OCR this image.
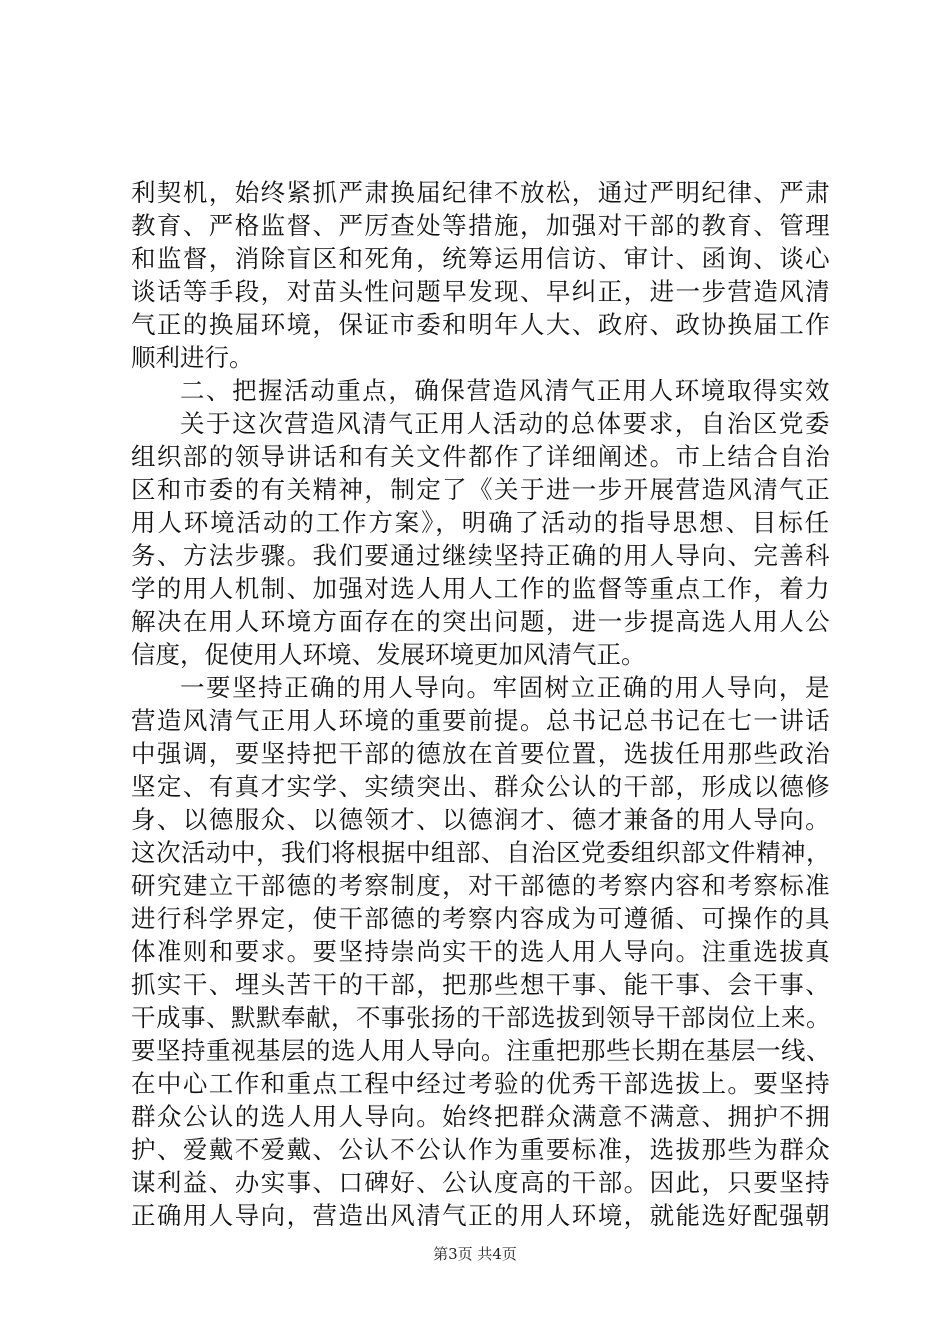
利契机，始终紧抓严肃换届纪律不放松，通过严明纪律、严肃
教育、严格监督、严厉查处等措施，加强对干部的教育、管理
和监督，消除盲区和死角，统筹运用信访、审计、函询、谈心
谈话等手段，对苗头性问题早发现、早纠正，进一步营造风清
气正的换届环境，保证市委和明年人大、政府、政协换届工作
顺利进行。
二、把握活动重点，确保营造风清气正用人环境取得实效
关于这次营造风清气正用人活动的总体要求，自治区党委
组织部的领导讲话和有关文件都作了详细阐述。市上结合自治
区和市委的有关精神，制定了《关于进一步开展营造风清气正
用人环境活动的工作方案》，明确了活动的指导思想、目标任
务、方法步骤。我们要通过继续坚持正确的用人导向、完善科
学的用人机制、加强对选人用人工作的监督等重点工作，着力
解决在用人环境方面存在的突出问题，进一步提高选人用人公
信度，促使用人环境、发展环境更加风清气正。
一要坚持正确的用人导向。牢固树立正确的用人导向，是
营造风清气正用人环境的重要前提。总书记总书记在七一讲话
中强调，要坚持把干部的德放在首要位置，选拔任用那些政治
坚定、有真才实学、实绩突出、群众公认的干部，形成以德修
身、以德服众、以德领才、以德润才、德才兼备的用人导向。
这次活动中，我们将根据中组部、自治区党委组织部文件精神，
研究建立干部德的考察制度，对干部德的考察内容和考察标准
进行科学界定，使干部德的考察内容成为可遵循、可操作的具
体准则和要求。要坚持崇尚实干的选人用人导向。注重选拔真
抓实干、埋头苦干的干部，把那些想干事、能干事、会干事、
干成事、默默奉献，不事张扬的干部选拔到领导干部岗位上来。
要坚持重视基层的选人用人导向。注重把那些长期在基层一线、
在中心工作和重点工程中经过考验的优秀干部选拔上。要坚持
群众公认的选人用人导向。始终把群众满意不满意、拥护不拥
护、爱戴不爱戴、公认不公认作为重要标准，选拔那些为群众
谋利益、办实事、口碑好、公认度高的干部。因此，只要坚持
正确用人导向，营造出风清气正的用人环境，就能选好配强朝
第3页 共4页
